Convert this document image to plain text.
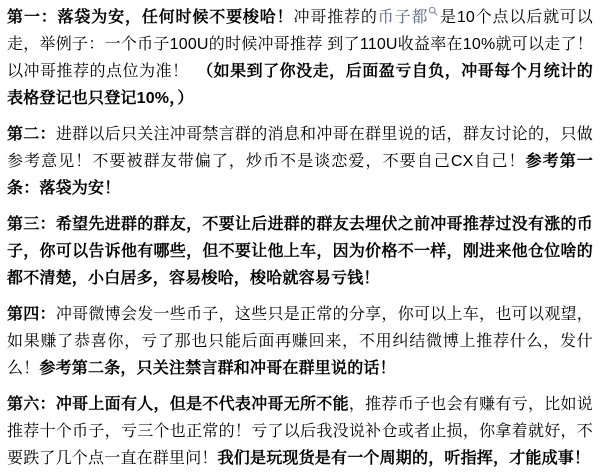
第一：落袋为安，任何时候不要梭哈！冲哥推荐的币子都 是10个点以后就可以走，举例子：一个币子100U的时候冲哥推荐 到了110U收益率在10%就可以走了！以冲哥推荐的点位为准！　（如果到了你没走，后面盈亏自负，冲哥每个月统计的表格登记也只登记10%，）

第二：进群以后只关注冲哥禁言群的消息和冲哥在群里说的话，群友讨论的，只做参考意见！不要被群友带偏了，炒币不是谈恋爱，不要自己CX自己！参考第一条：落袋为安！

第三：希望先进群的群友，不要让后进群的群友去埋伏之前冲哥推荐过没有涨的币子，你可以告诉他有哪些，但不要让他上车，因为价格不一样，刚进来他仓位啥的都不清楚，小白居多，容易梭哈，梭哈就容易亏钱！

第四：冲哥微博会发一些币子，这些只是正常的分享，你可以上车，也可以观望，如果赚了恭喜你，亏了那也只能后面再赚回来，不用纠结微博上推荐什么，发什么！参考第二条，只关注禁言群和冲哥在群里说的话！

第六：冲哥上面有人，但是不代表冲哥无所不能，推荐币子也会有赚有亏，比如说推荐十个币子，亏三个也正常的！亏了以后我没说补仓或者止损，你拿着就好，不要跌了几个点一直在群里问！我们是玩现货是有一个周期的，听指挥，才能成事！
